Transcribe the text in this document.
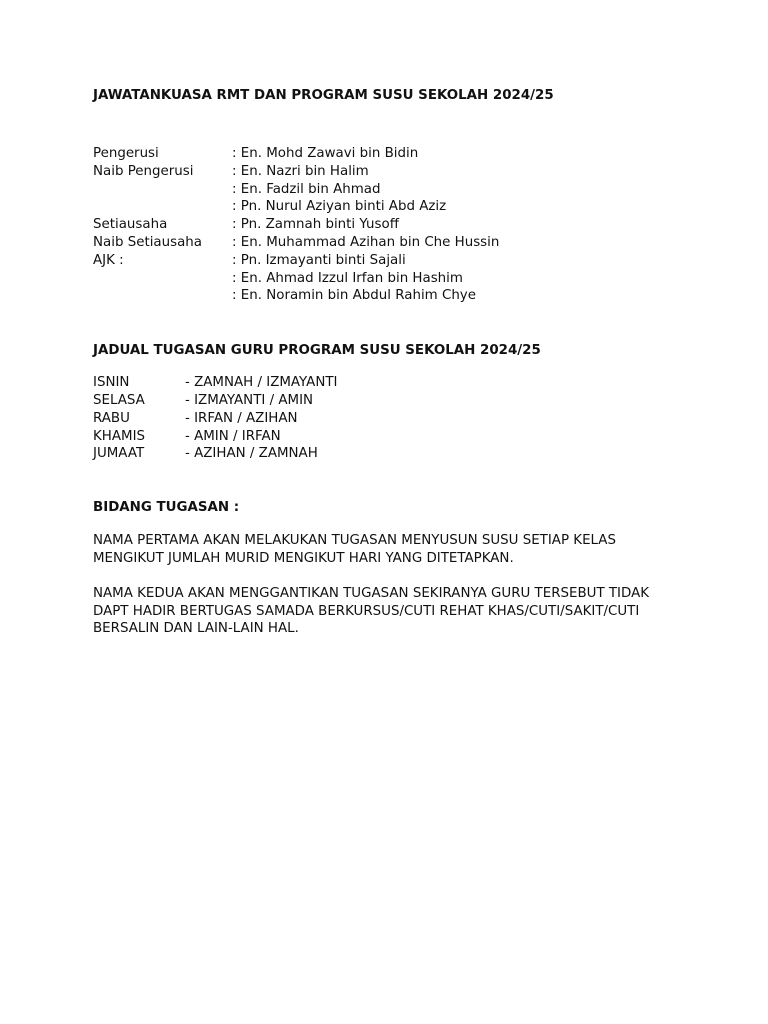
JAWATANKUASA RMT DAN PROGRAM SUSU SEKOLAH 2024/25

Pengerusi	: En. Mohd Zawavi bin Bidin
Naib Pengerusi	: En. Nazri bin Halim
: En. Fadzil bin Ahmad
: Pn. Nurul Aziyan binti Abd Aziz
Setiausaha	: Pn. Zamnah binti Yusoff
Naib Setiausaha	: En. Muhammad Azihan bin Che Hussin
AJK :	: Pn. Izmayanti binti Sajali
: En. Ahmad Izzul Irfan bin Hashim
: En. Noramin bin Abdul Rahim Chye

JADUAL TUGASAN GURU PROGRAM SUSU SEKOLAH 2024/25

ISNIN	- ZAMNAH / IZMAYANTI
SELASA	- IZMAYANTI / AMIN
RABU	- IRFAN / AZIHAN
KHAMIS	- AMIN / IRFAN
JUMAAT	- AZIHAN / ZAMNAH

BIDANG TUGASAN :

NAMA PERTAMA AKAN MELAKUKAN TUGASAN MENYUSUN SUSU SETIAP KELAS MENGIKUT JUMLAH MURID MENGIKUT HARI YANG DITETAPKAN.

NAMA KEDUA AKAN MENGGANTIKAN TUGASAN SEKIRANYA GURU TERSEBUT TIDAK DAPT HADIR BERTUGAS SAMADA BERKURSUS/CUTI REHAT KHAS/CUTI/SAKIT/CUTI BERSALIN DAN LAIN-LAIN HAL.
